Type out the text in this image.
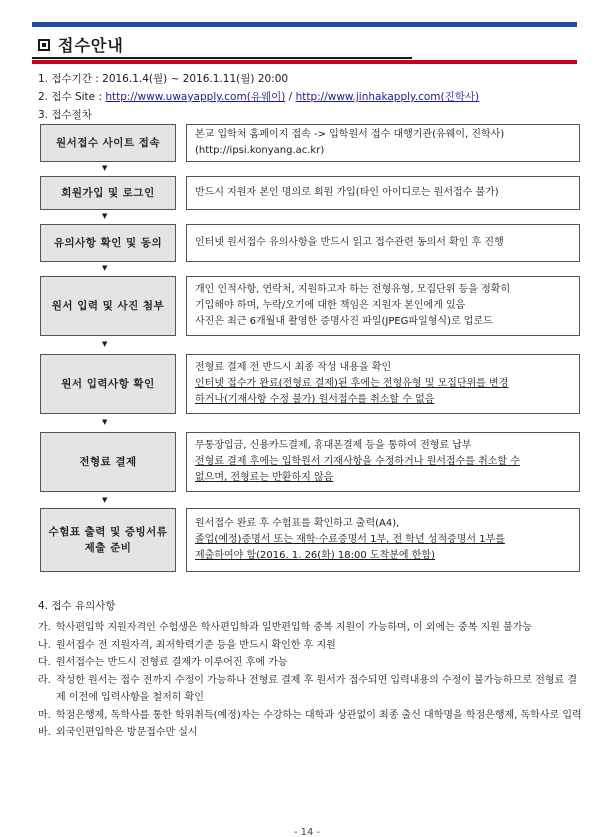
접수안내
1. 접수기간 : 2016.1.4(월) ~ 2016.1.11(월) 20:00
2. 접수 Site : http://www.uwayapply.com(유웨이) / http://www.jinhakapply.com(진학사)
3. 접수절차
원서접수 사이트 접속
본교 입학처 홈페이지 접속 -> 입학원서 접수 대행기관(유웨이, 진학사)
(http://ipsi.konyang.ac.kr)
▼
회원가입 및 로그인	반드시 지원자 본인 명의로 회원 가입(타인 아이디로는 원서접수 불가)
▼
유의사항 확인 및 동의	인터넷 원서접수 유의사항을 반드시 읽고 접수관련 동의서 확인 후 진행
▼
원서 입력 및 사진 첨부
개인 인적사항, 연락처, 지원하고자 하는 전형유형, 모집단위 등을 정확히
기입해야 하며, 누락/오기에 대한 책임은 지원자 본인에게 있음
사진은 최근 6개월내 촬영한 증명사진 파일(JPEG파일형식)로 업로드
▼
원서 입력사항 확인
전형료 결제 전 반드시 최종 작성 내용을 확인
인터넷 접수가 완료(전형료 결제)된 후에는 전형유형 및 모집단위를 변경
하거나(기재사항 수정 불가) 원서접수를 취소할 수 없음
▼
전형료 결제
무통장입금, 신용카드결제, 휴대폰결제 등을 통하여 전형료 납부
전형료 결제 후에는 입학원서 기재사항을 수정하거나 원서접수를 취소할 수
없으며, 전형료는 반환하지 않음
▼
수험표 출력 및 증빙서류제출 준비
원서접수 완료 후 수험표를 확인하고 출력(A4),
졸업(예정)증명서 또는 재학·수료증명서 1부, 전 학년 성적증명서 1부를
제출하여야 함(2016. 1. 26(화) 18:00 도착분에 한함)
4. 접수 유의사항
가. 학사편입학 지원자격인 수험생은 학사편입학과 일반편입학 중복 지원이 가능하며, 이 외에는 중복 지원 불가능
나. 원서접수 전 지원자격, 최저학력기준 등을 반드시 확인한 후 지원
다. 원서접수는 반드시 전형료 결제가 이루어진 후에 가능
라. 작성한 원서는 접수 전까지 수정이 가능하나 전형료 결제 후 원서가 접수되면 입력내용의 수정이 불가능하므로 전형료 결제 이전에 입력사항을 철저히 확인
마. 학점은행제, 독학사를 통한 학위취득(예정)자는 수강하는 대학과 상관없이 최종 출신 대학명을 학점은행제, 독학사로 입력
바. 외국인편입학은 방문접수만 실시
- 14 -
